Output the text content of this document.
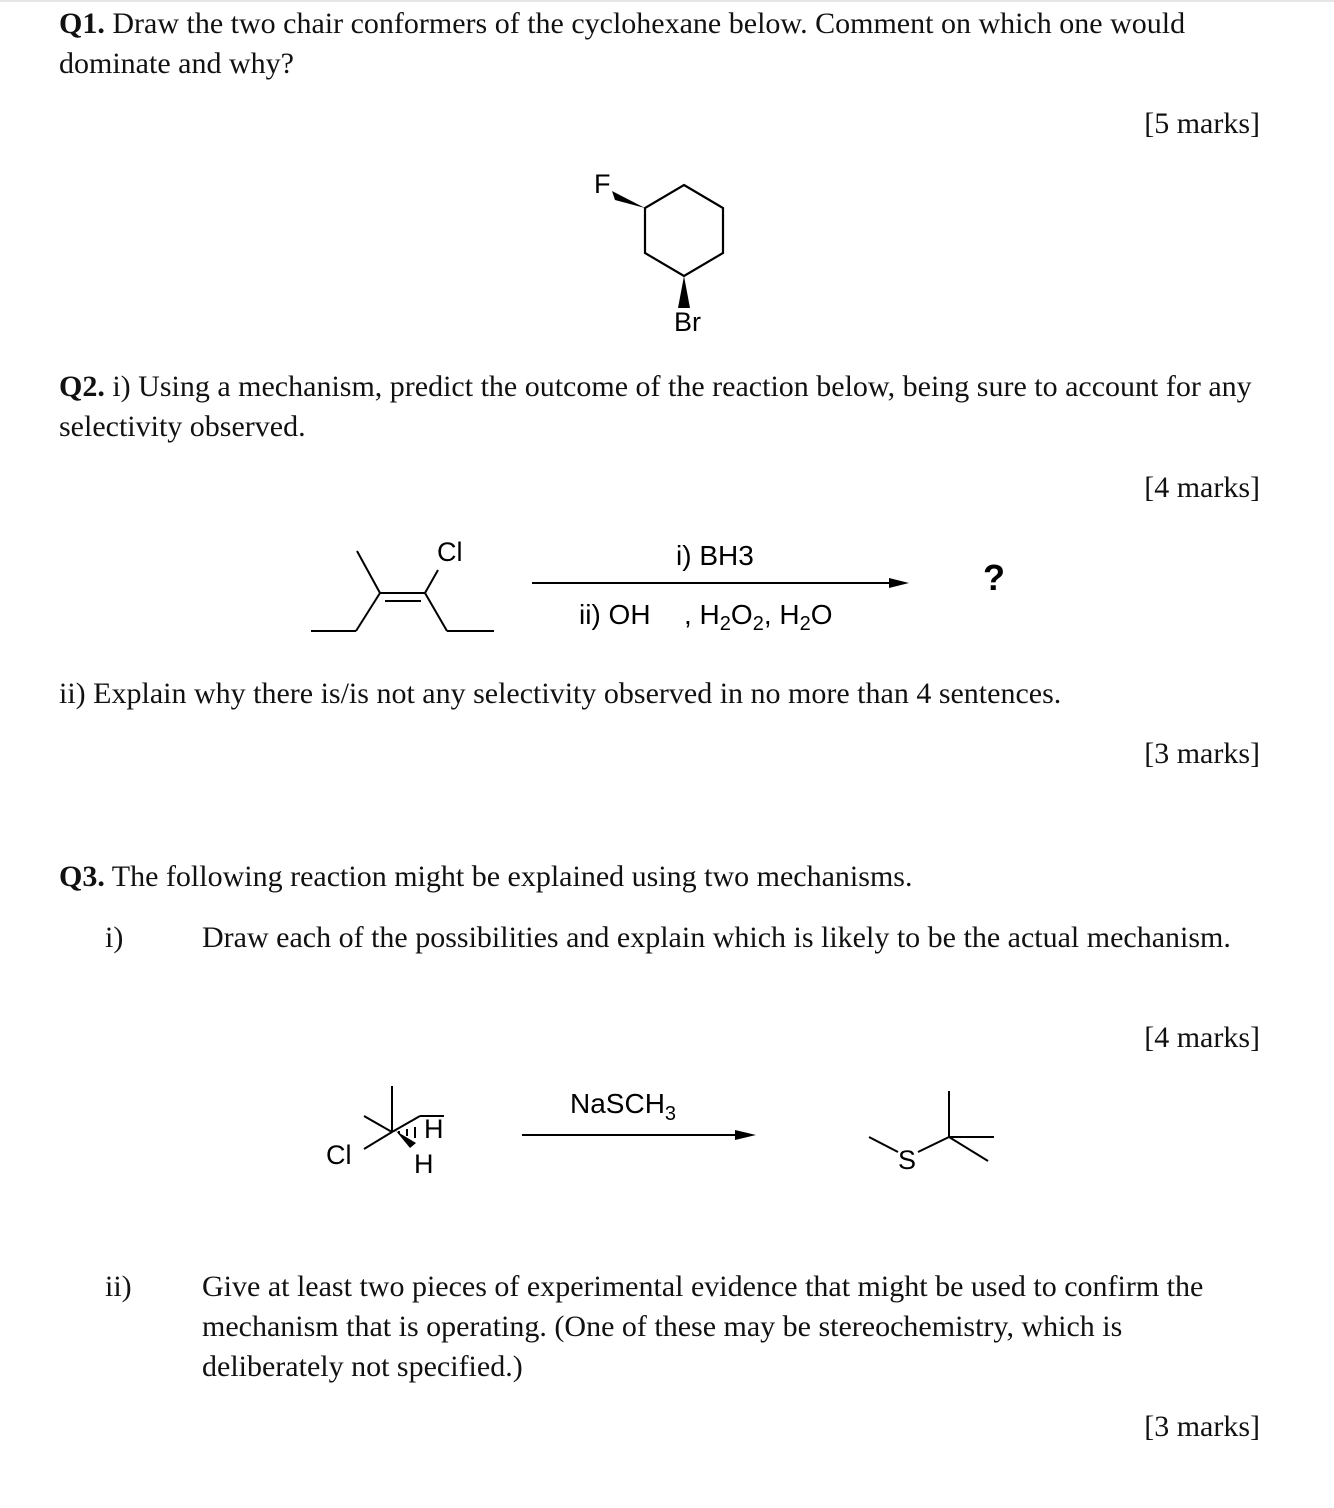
Q1. Draw the two chair conformers of the cyclohexane below. Comment on which one would dominate and why?

[5 marks]

Q2. i) Using a mechanism, predict the outcome of the reaction below, being sure to account for any selectivity observed.

[4 marks]

ii) Explain why there is/is not any selectivity observed in no more than 4 sentences.

[3 marks]

Q3. The following reaction might be explained using two mechanisms.

i)	Draw each of the possibilities and explain which is likely to be the actual mechanism.

[4 marks]
ii) Give at least two pieces of experimental evidence that might be used to confirm the mechanism that is operating. (One of these may be stereochemistry, which is deliberately not specified.)

[3 marks]
F
Br
Cl	i) BH3
ii) OH , $H_2O_2$, $H_2O$
?
Cl
H
H
NaSCH$_3$
S
